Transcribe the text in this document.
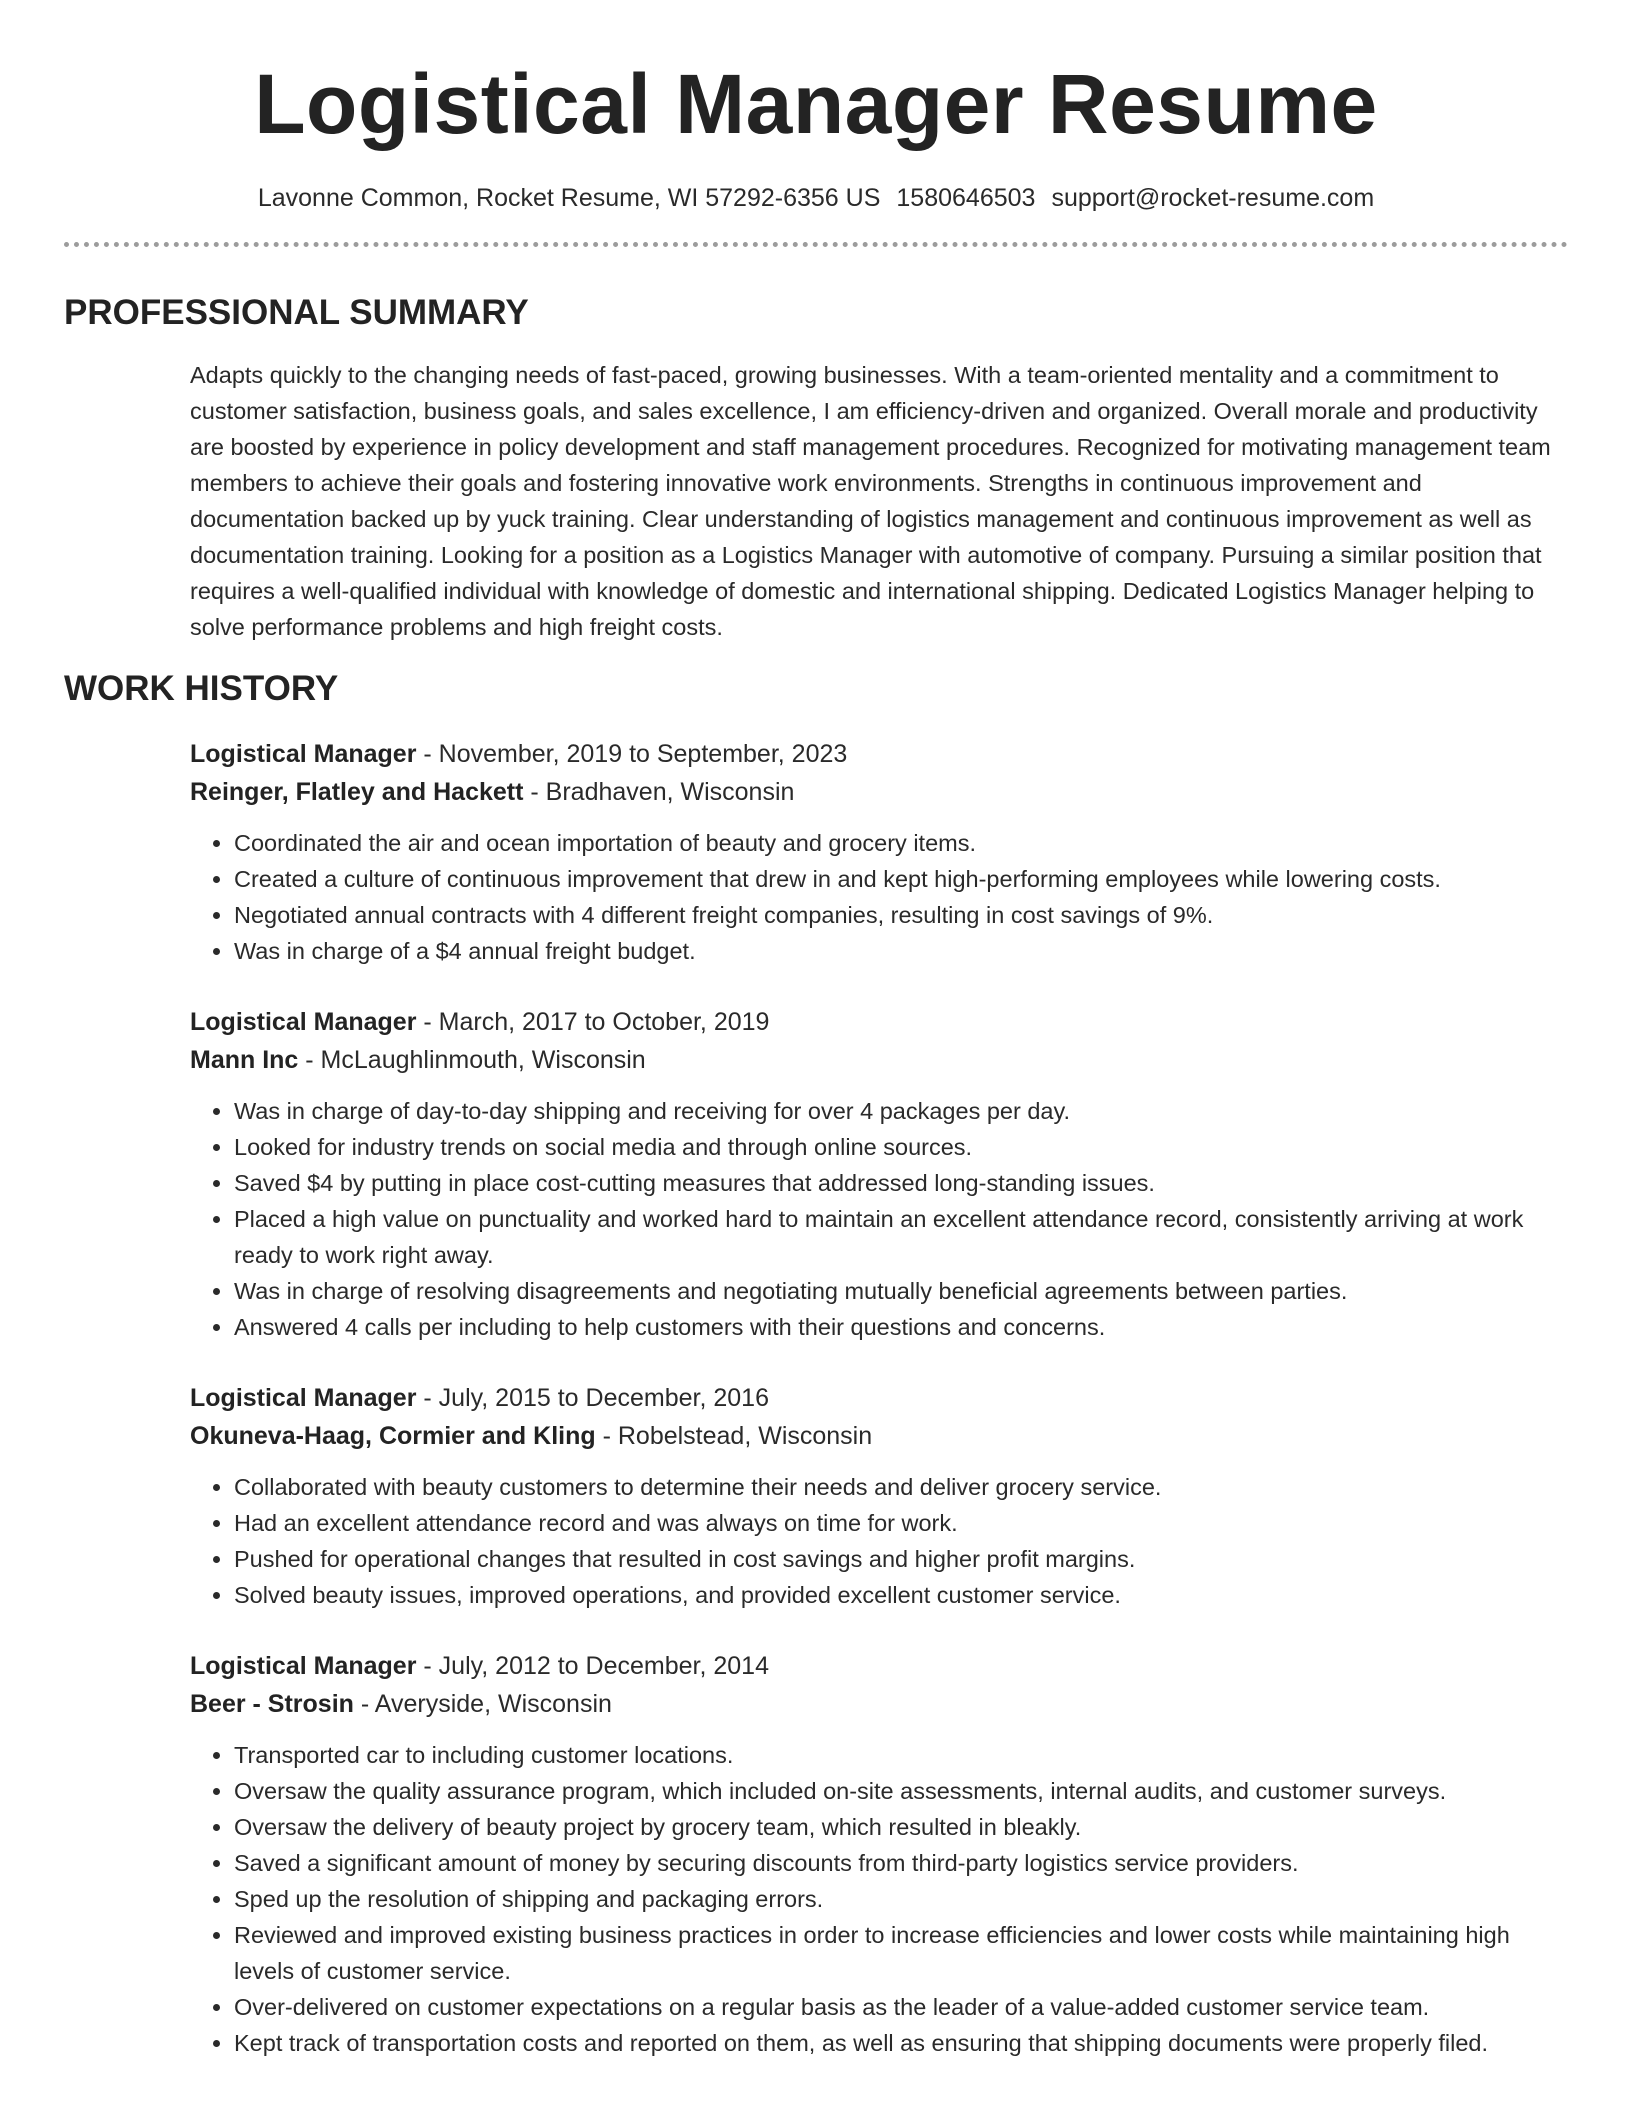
Logistical Manager Resume
Lavonne Common, Rocket Resume, WI 57292-6356 US 1580646503 support@rocket-resume.com
PROFESSIONAL SUMMARY

Adapts quickly to the changing needs of fast-paced, growing businesses. With a team-oriented mentality and a commitment to customer satisfaction, business goals, and sales excellence, I am efficiency-driven and organized. Overall morale and productivity are boosted by experience in policy development and staff management procedures. Recognized for motivating management team members to achieve their goals and fostering innovative work environments. Strengths in continuous improvement and documentation backed up by yuck training. Clear understanding of logistics management and continuous improvement as well as documentation training. Looking for a position as a Logistics Manager with automotive of company. Pursuing a similar position that requires a well-qualified individual with knowledge of domestic and international shipping. Dedicated Logistics Manager helping to solve performance problems and high freight costs.

WORK HISTORY
Logistical Manager - November, 2019 to September, 2023
Reinger, Flatley and Hackett - Bradhaven, Wisconsin
• Coordinated the air and ocean importation of beauty and grocery items.
• Created a culture of continuous improvement that drew in and kept high-performing employees while lowering costs.
• Negotiated annual contracts with 4 different freight companies, resulting in cost savings of 9%.
• Was in charge of a $4 annual freight budget.
Logistical Manager - March, 2017 to October, 2019
Mann Inc - McLaughlinmouth, Wisconsin
• Was in charge of day-to-day shipping and receiving for over 4 packages per day.
• Looked for industry trends on social media and through online sources.
• Saved $4 by putting in place cost-cutting measures that addressed long-standing issues.
• Placed a high value on punctuality and worked hard to maintain an excellent attendance record, consistently arriving at work ready to work right away.
• Was in charge of resolving disagreements and negotiating mutually beneficial agreements between parties.
• Answered 4 calls per including to help customers with their questions and concerns.
Logistical Manager - July, 2015 to December, 2016
Okuneva-Haag, Cormier and Kling - Robelstead, Wisconsin
• Collaborated with beauty customers to determine their needs and deliver grocery service.
• Had an excellent attendance record and was always on time for work.
• Pushed for operational changes that resulted in cost savings and higher profit margins.
• Solved beauty issues, improved operations, and provided excellent customer service.
Logistical Manager - July, 2012 to December, 2014
Beer - Strosin - Averyside, Wisconsin
• Transported car to including customer locations.
• Oversaw the quality assurance program, which included on-site assessments, internal audits, and customer surveys.
• Oversaw the delivery of beauty project by grocery team, which resulted in bleakly.
• Saved a significant amount of money by securing discounts from third-party logistics service providers.
• Sped up the resolution of shipping and packaging errors.
• Reviewed and improved existing business practices in order to increase efficiencies and lower costs while maintaining high levels of customer service.
• Over-delivered on customer expectations on a regular basis as the leader of a value-added customer service team.
• Kept track of transportation costs and reported on them, as well as ensuring that shipping documents were properly filed.
